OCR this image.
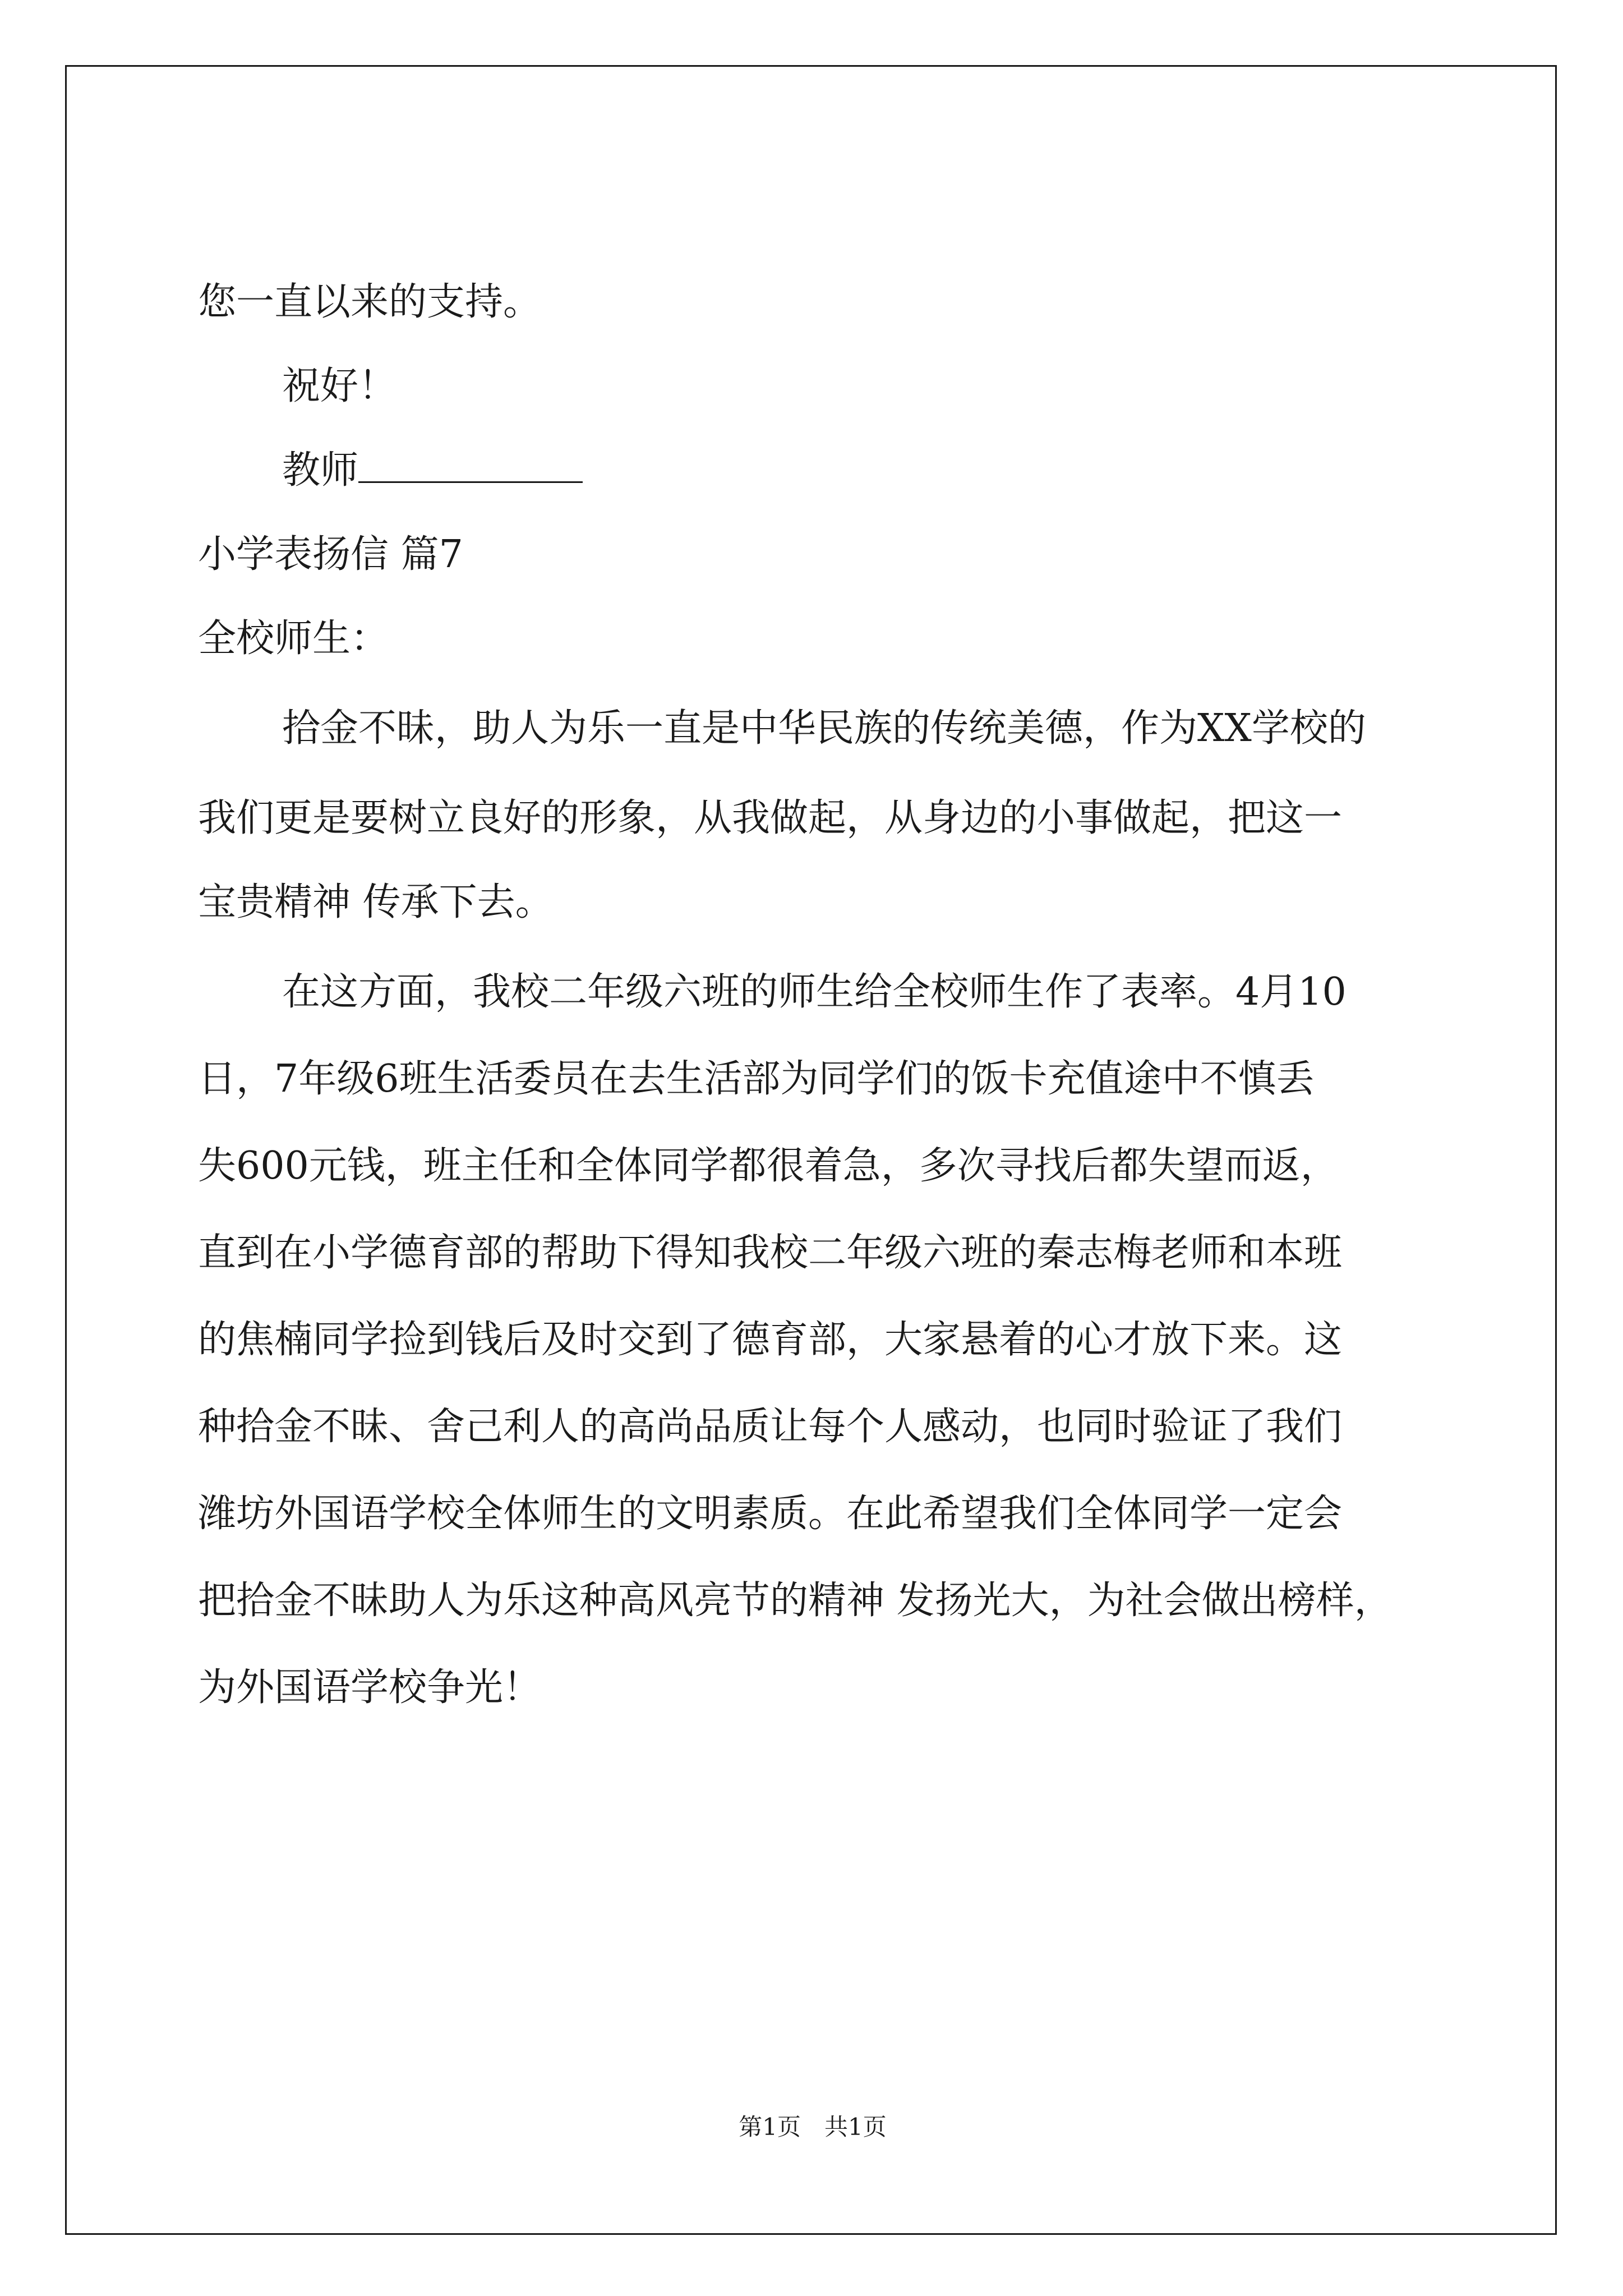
您一直以来的支持。

祝好！

教师

小学表扬信 篇7

全校师生：

拾金不昧，助人为乐一直是中华民族的传统美德，作为XX学校的

我们更是要树立良好的形象，从我做起，从身边的小事做起，把这一

宝贵精神 传承下去。

在这方面，我校二年级六班的师生给全校师生作了表率。4月10

日，7年级6班生活委员在去生活部为同学们的饭卡充值途中不慎丢

失600元钱，班主任和全体同学都很着急，多次寻找后都失望而返，

直到在小学德育部的帮助下得知我校二年级六班的秦志梅老师和本班

的焦楠同学捡到钱后及时交到了德育部，大家悬着的心才放下来。这

种拾金不昧、舍己利人的高尚品质让每个人感动，也同时验证了我们

潍坊外国语学校全体师生的文明素质。在此希望我们全体同学一定会

把拾金不昧助人为乐这种高风亮节的精神 发扬光大，为社会做出榜样，

为外国语学校争光！

第1页　共1页
